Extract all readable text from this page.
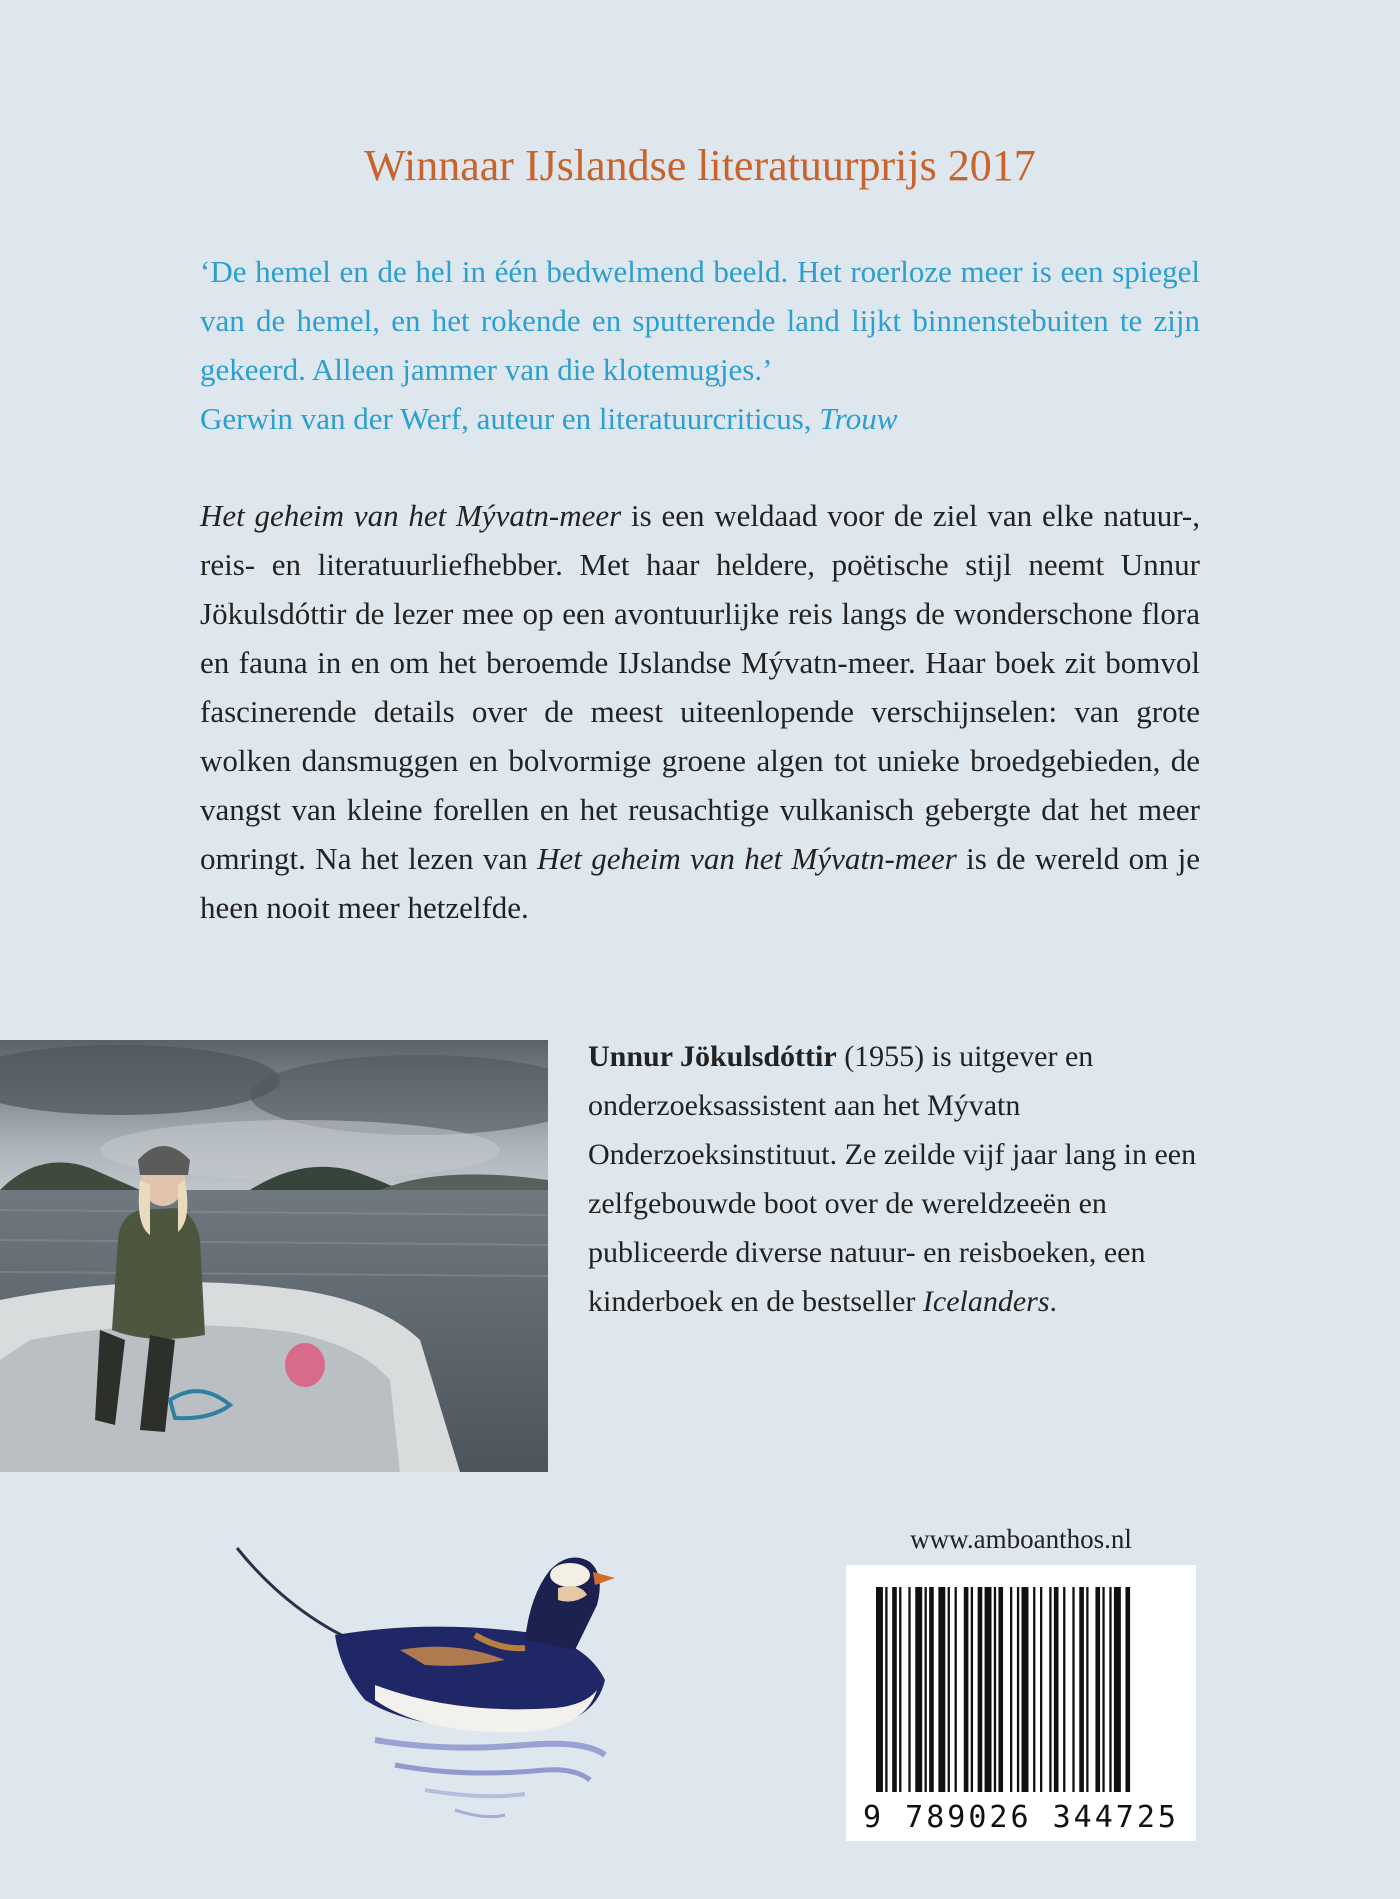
Winnaar IJslandse literatuurprijs 2017
‘De hemel en de hel in één bedwelmend beeld. Het roerloze meer is een spiegel van de hemel, en het rokende en sputterende land lijkt binnenstebuiten te zijn gekeerd. Alleen jammer van die klotemugjes.’
Gerwin van der Werf, auteur en literatuurcriticus, Trouw
Het geheim van het Mývatn-meer is een weldaad voor de ziel van elke natuur-, reis- en literatuurliefhebber. Met haar heldere, poëtische stijl neemt Unnur Jökulsdóttir de lezer mee op een avontuurlijke reis langs de wonderschone flora en fauna in en om het beroemde IJslandse Mývatn-meer. Haar boek zit bomvol fascinerende details over de meest uiteenlopende verschijnselen: van grote wolken dansmuggen en bolvormige groene algen tot unieke broedgebieden, de vangst van kleine forellen en het reusachtige vulkanisch gebergte dat het meer omringt. Na het lezen van Het geheim van het Mývatn-meer is de wereld om je heen nooit meer hetzelfde.
Unnur Jökulsdóttir (1955) is uitgever en onderzoeksassistent aan het Mývatn Onderzoeksinstituut. Ze zeilde vijf jaar lang in een zelfgebouwde boot over de wereldzeeën en publiceerde diverse natuur- en reisboeken, een kinderboek en de bestseller Icelanders.
www.amboanthos.nl
9 789026 344725
